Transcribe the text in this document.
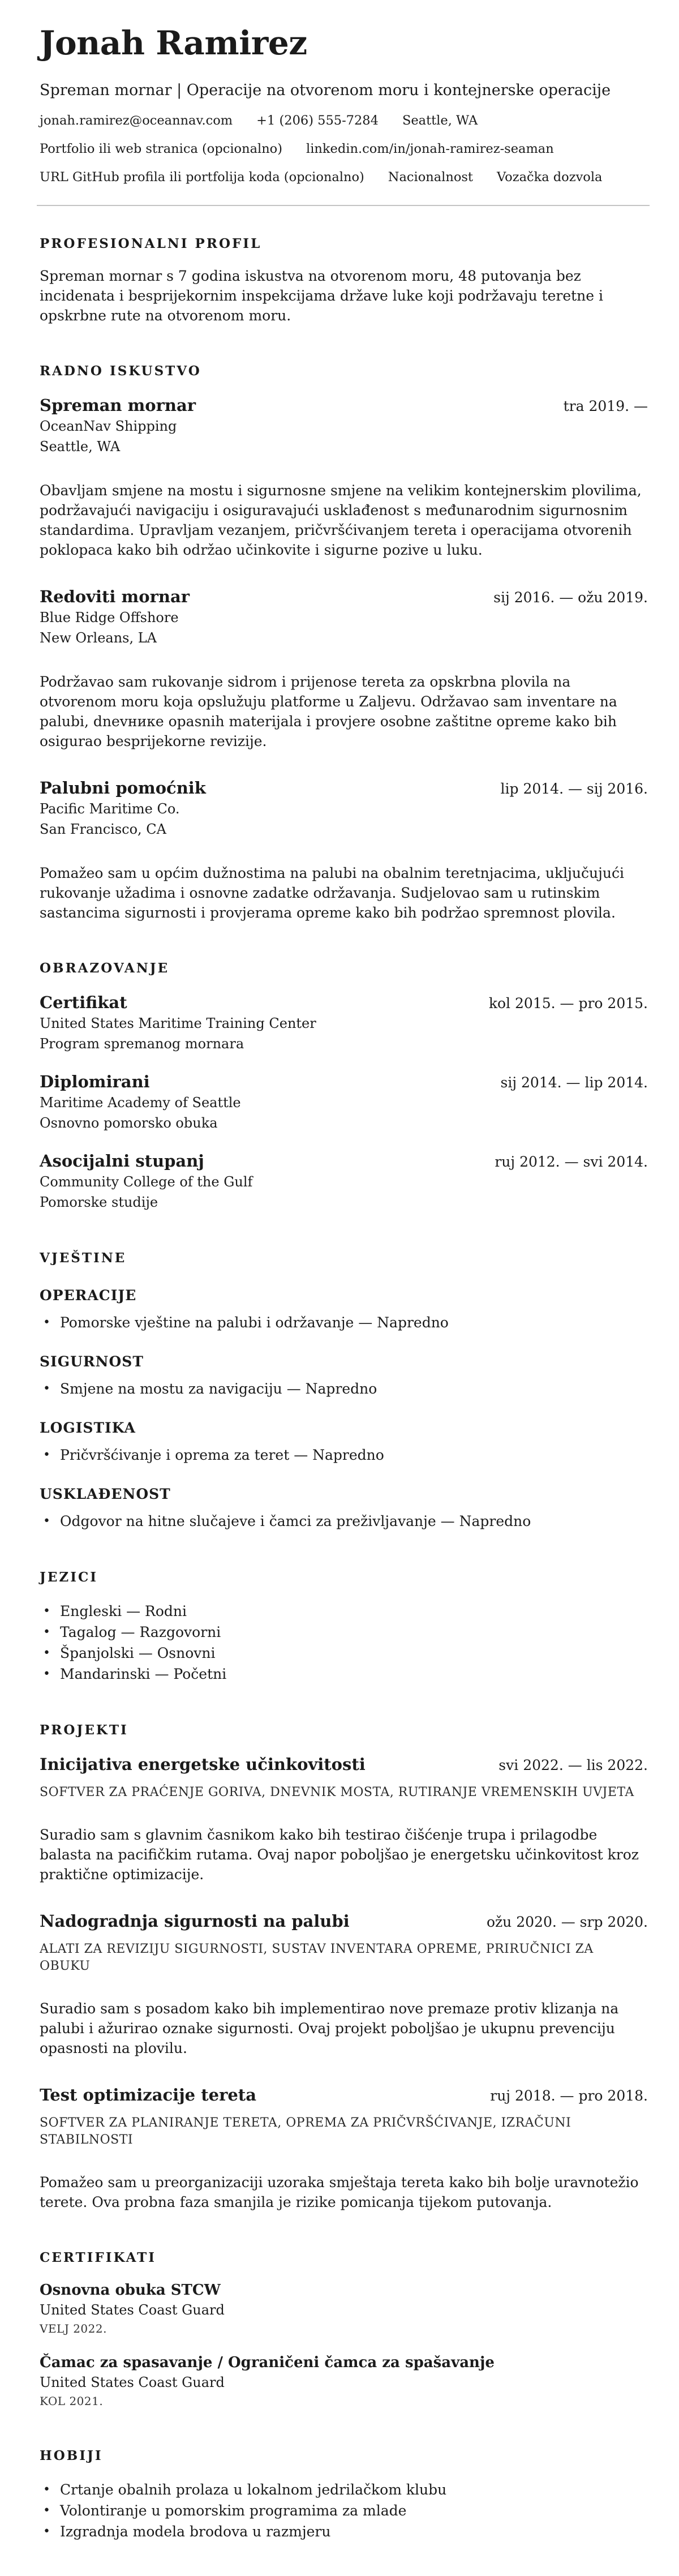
Jonah Ramirez
Spreman mornar | Operacije na otvorenom moru i kontejnerske operacije
jonah.ramirez@oceannav.com +1 (206) 555-7284 Seattle, WA
Portfolio ili web stranica (opcionalno) linkedin.com/in/jonah-ramirez-seaman
URL GitHub profila ili portfolija koda (opcionalno) Nacionalnost Vozačka dozvola
PROFESIONALNI PROFIL

Spreman mornar s 7 godina iskustva na otvorenom moru, 48 putovanja bez incidenata i besprijekornim inspekcijama države luke koji podržavaju teretne i opskrbne rute na otvorenom moru.

RADNO ISKUSTVO
Spreman mornar	tra 2019. —
OceanNav Shipping
Seattle, WA

Obavljam smjene na mostu i sigurnosne smjene na velikim kontejnerskim plovilima, podržavajući navigaciju i osiguravajući usklađenost s međunarodnim sigurnosnim standardima. Upravljam vezanjem, pričvršćivanjem tereta i operacijama otvorenih poklopaca kako bih održao učinkovite i sigurne pozive u luku.

Redoviti mornar	sij 2016. — ožu 2019.
Blue Ridge Offshore
New Orleans, LA

Podržavao sam rukovanje sidrom i prijenose tereta za opskrbna plovila na otvorenom moru koja opslužuju platforme u Zaljevu. Održavao sam inventare na palubi, dnevнике opasnih materijala i provjere osobne zaštitne opreme kako bih osigurao besprijekorne revizije.

Palubni pomoćnik	lip 2014. — sij 2016.
Pacific Maritime Co.
San Francisco, CA

Pomažeo sam u općim dužnostima na palubi na obalnim teretnjacima, uključujući rukovanje užadima i osnovne zadatke održavanja. Sudjelovao sam u rutinskim sastancima sigurnosti i provjerama opreme kako bih podržao spremnost plovila.

OBRAZOVANJE
Certifikat	kol 2015. — pro 2015.
United States Maritime Training Center
Program spremanog mornara
Diplomirani	sij 2014. — lip 2014.
Maritime Academy of Seattle
Osnovno pomorsko obuka
Asocijalni stupanj	ruj 2012. — svi 2014.
Community College of the Gulf
Pomorske studije
VJEŠTINE
OPERACIJE
• Pomorske vještine na palubi i održavanje — Napredno
SIGURNOST
• Smjene na mostu za navigaciju — Napredno
LOGISTIKA
• Pričvršćivanje i oprema za teret — Napredno
USKLAĐENOST
• Odgovor na hitne slučajeve i čamci za preživljavanje — Napredno
JEZICI
• Engleski — Rodni
• Tagalog — Razgovorni
• Španjolski — Osnovni
• Mandarinski — Početni
PROJEKTI
Inicijativa energetske učinkovitosti	svi 2022. — lis 2022.
SOFTVER ZA PRAĆENJE GORIVA, DNEVNIK MOSTA, RUTIRANJE VREMENSKIH UVJETA

Suradio sam s glavnim časnikom kako bih testirao čišćenje trupa i prilagodbe balasta na pacifičkim rutama. Ovaj napor poboljšao je energetsku učinkovitost kroz praktične optimizacije.

Nadogradnja sigurnosti na palubi	ožu 2020. — srp 2020.
ALATI ZA REVIZIJU SIGURNOSTI, SUSTAV INVENTARA OPREME, PRIRUČNICI ZA OBUKU

Suradio sam s posadom kako bih implementirao nove premaze protiv klizanja na palubi i ažurirao oznake sigurnosti. Ovaj projekt poboljšao je ukupnu prevenciju opasnosti na plovilu.

Test optimizacije tereta	ruj 2018. — pro 2018.
SOFTVER ZA PLANIRANJE TERETA, OPREMA ZA PRIČVRŠĆIVANJE, IZRAČUNI STABILNOSTI

Pomažeo sam u preorganizaciji uzoraka smještaja tereta kako bih bolje uravnotežio terete. Ova probna faza smanjila je rizike pomicanja tijekom putovanja.

CERTIFIKATI
Osnovna obuka STCW
United States Coast Guard
VELJ 2022.
Čamac za spasavanje / Ograničeni čamca za spašavanje
United States Coast Guard
KOL 2021.
HOBIJI
• Crtanje obalnih prolaza u lokalnom jedrilačkom klubu
• Volontiranje u pomorskim programima za mlade
• Izgradnja modela brodova u razmjeru
